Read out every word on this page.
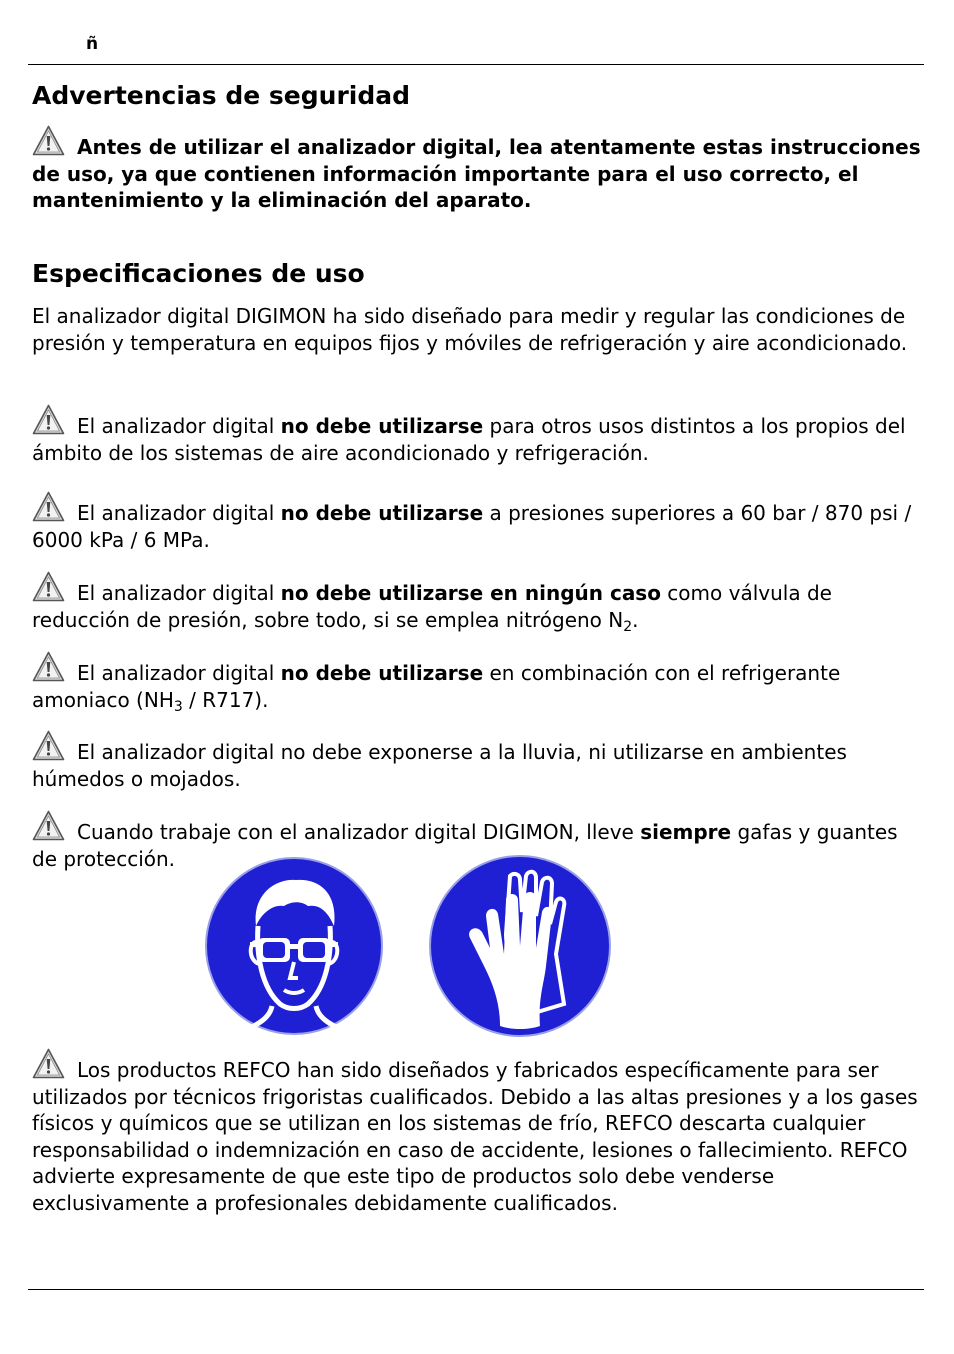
ñ
Advertencias de seguridad

Antes de utilizar el analizador digital, lea atentamente estas instrucciones de uso, ya que contienen información importante para el uso correcto, el mantenimiento y la eliminación del aparato.

Especificaciones de uso

El analizador digital DIGIMON ha sido diseñado para medir y regular las condiciones de presión y temperatura en equipos fijos y móviles de refrigeración y aire acondicionado.

El analizador digital no debe utilizarse para otros usos distintos a los propios del ámbito de los sistemas de aire acondicionado y refrigeración.

El analizador digital no debe utilizarse a presiones superiores a 60 bar / 870 psi / 6000 kPa / 6 MPa.

El analizador digital no debe utilizarse en ningún caso como válvula de reducción de presión, sobre todo, si se emplea nitrógeno $N_2$.

El analizador digital no debe utilizarse en combinación con el refrigerante amoniaco $(NH_3 / R717)$.

El analizador digital no debe exponerse a la lluvia, ni utilizarse en ambientes húmedos o mojados.

Cuando trabaje con el analizador digital DIGIMON, lleve siempre gafas y guantes de protección.

Los productos REFCO han sido diseñados y fabricados específicamente para ser utilizados por técnicos frigoristas cualificados. Debido a las altas presiones y a los gases físicos y químicos que se utilizan en los sistemas de frío, REFCO descarta cualquier responsabilidad o indemnización en caso de accidente, lesiones o fallecimiento. REFCO advierte expresamente de que este tipo de productos solo debe venderse exclusivamente a profesionales debidamente cualificados.
